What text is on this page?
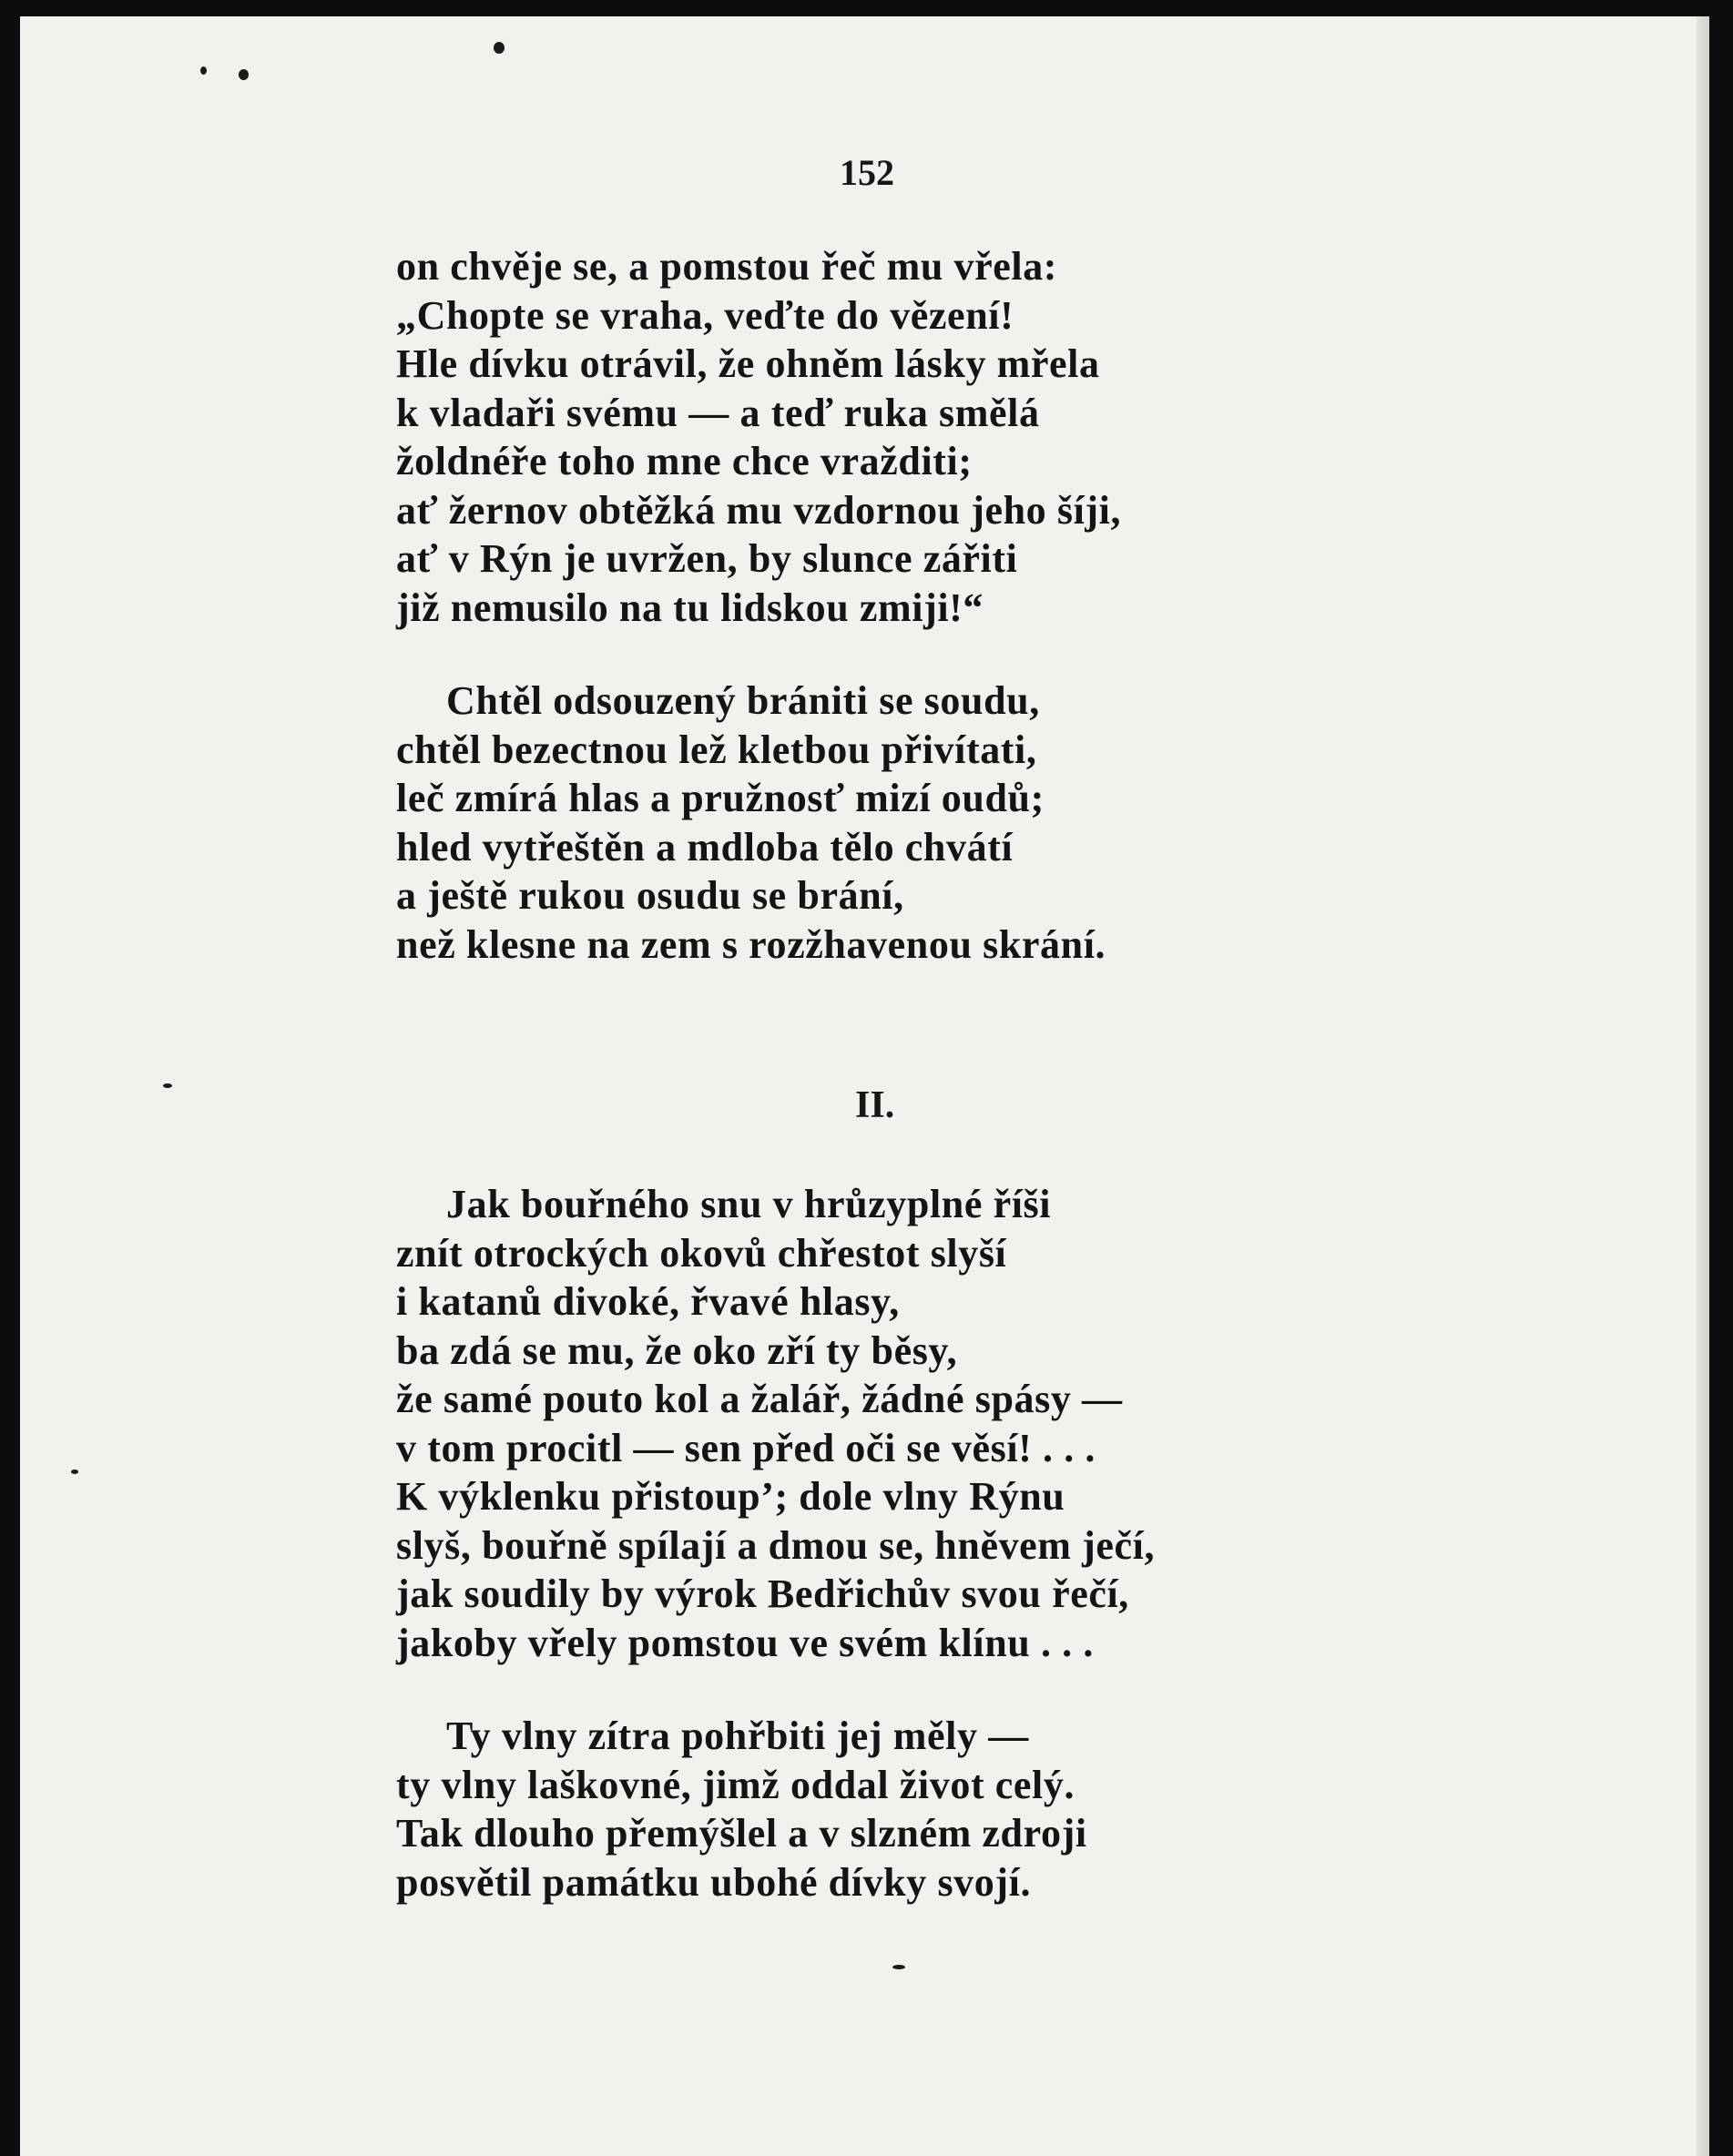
152
on chvěje se, a pomstou řeč mu vřela:
„Chopte se vraha, veďte do vězení!
Hle dívku otrávil, že ohněm lásky mřela
k vladaři svému — a teď ruka smělá
žoldnéře toho mne chce vražditi;
ať žernov obtěžká mu vzdornou jeho šíji,
ať v Rýn je uvržen, by slunce zářiti
již nemusilo na tu lidskou zmiji!“
Chtěl odsouzený brániti se soudu,
chtěl bezectnou lež kletbou přivítati,
leč zmírá hlas a pružnosť mizí oudů;
hled vytřeštěn a mdloba tělo chvátí
a ještě rukou osudu se brání,
než klesne na zem s rozžhavenou skrání.
II.
Jak bouřného snu v hrůzyplné říši
znít otrockých okovů chřestot slyší
i katanů divoké, řvavé hlasy,
ba zdá se mu, že oko zří ty běsy,
že samé pouto kol a žalář, žádné spásy —
v tom procitl — sen před oči se věsí! . . .
K výklenku přistoup’; dole vlny Rýnu
slyš, bouřně spílají a dmou se, hněvem ječí,
jak soudily by výrok Bedřichův svou řečí,
jakoby vřely pomstou ve svém klínu . . .
Ty vlny zítra pohřbiti jej měly —
ty vlny laškovné, jimž oddal život celý.
Tak dlouho přemýšlel a v slzném zdroji
posvětil památku ubohé dívky svojí.
